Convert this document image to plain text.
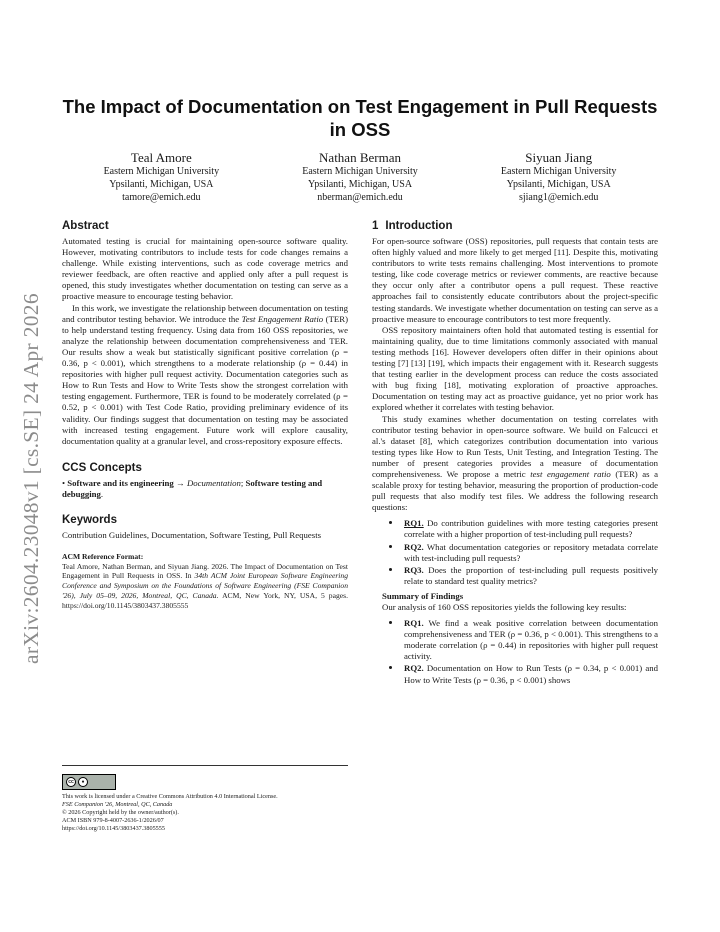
arXiv:2604.23048v1 [cs.SE] 24 Apr 2026
The Impact of Documentation on Test Engagement in Pull Requests in OSS
Teal Amore
Eastern Michigan University
Ypsilanti, Michigan, USA
tamore@emich.edu
Nathan Berman
Eastern Michigan University
Ypsilanti, Michigan, USA
nberman@emich.edu
Siyuan Jiang
Eastern Michigan University
Ypsilanti, Michigan, USA
sjiang1@emich.edu
Abstract

Automated testing is crucial for maintaining open-source software quality. However, motivating contributors to include tests for code changes remains a challenge. While existing interventions, such as code coverage metrics and reviewer feedback, are often reactive and applied only after a pull request is opened, this study investigates whether documentation on testing can serve as a proactive measure to encourage testing behavior.

In this work, we investigate the relationship between documentation on testing and contributor testing behavior. We introduce the Test Engagement Ratio (TER) to help understand testing frequency. Using data from 160 OSS repositories, we analyze the relationship between documentation comprehensiveness and TER. Our results show a weak but statistically significant positive correlation (ρ = 0.36, p < 0.001), which strengthens to a moderate relationship (ρ = 0.44) in repositories with higher pull request activity. Documentation categories such as How to Run Tests and How to Write Tests show the strongest correlation with testing engagement. Furthermore, TER is found to be moderately correlated (ρ = 0.52, p < 0.001) with Test Code Ratio, providing preliminary evidence of its validity. Our findings suggest that documentation on testing may be associated with increased testing engagement. Future work will explore causality, documentation quality at a granular level, and cross-repository exposure effects.

CCS Concepts

• Software and its engineering → Documentation; Software testing and debugging.

Keywords

Contribution Guidelines, Documentation, Software Testing, Pull Requests

ACM Reference Format:

Teal Amore, Nathan Berman, and Siyuan Jiang. 2026. The Impact of Documentation on Test Engagement in Pull Requests in OSS. In 34th ACM Joint European Software Engineering Conference and Symposium on the Foundations of Software Engineering (FSE Companion '26), July 05–09, 2026, Montreal, QC, Canada. ACM, New York, NY, USA, 5 pages. https://doi.org/10.1145/3803437.3805555

cc	●
This work is licensed under a Creative Commons Attribution 4.0 International License.
FSE Companion '26, Montreal, QC, Canada
© 2026 Copyright held by the owner/author(s).
ACM ISBN 979-8-4007-2636-1/2026/07
https://doi.org/10.1145/3803437.3805555
1 Introduction

For open-source software (OSS) repositories, pull requests that contain tests are often highly valued and more likely to get merged [11]. Despite this, motivating contributors to write tests remains challenging. Most interventions to promote testing, like code coverage metrics or reviewer comments, are reactive because they occur only after a contributor opens a pull request. These reactive approaches fail to consistently educate contributors about the project-specific testing standards. We investigate whether documentation on testing can serve as a proactive measure to encourage contributors to test more frequently.

OSS repository maintainers often hold that automated testing is essential for maintaining quality, due to time limitations commonly associated with manual testing methods [16]. However developers often differ in their opinions about testing [7] [13] [19], which impacts their engagement with it. Research suggests that testing earlier in the development process can reduce the costs associated with bug fixing [18], motivating exploration of proactive approaches. Documentation on testing may act as proactive guidance, yet no prior work has explored whether it correlates with testing behavior.

This study examines whether documentation on testing correlates with contributor testing behavior in open-source software. We build on Falcucci et al.'s dataset [8], which categorizes contribution documentation into various testing types like How to Run Tests, Unit Testing, and Integration Testing. The number of present categories provides a measure of documentation comprehensiveness. We propose a metric test engagement ratio (TER) as a scalable proxy for testing behavior, measuring the proportion of production-code pull requests that also modify test files. We address the following research questions:

• RQ1. Do contribution guidelines with more testing categories present correlate with a higher proportion of test-including pull requests?
• RQ2. What documentation categories or repository metadata correlate with test-including pull requests?
• RQ3. Does the proportion of test-including pull requests positively relate to standard test quality metrics?

Summary of Findings

Our analysis of 160 OSS repositories yields the following key results:

• RQ1. We find a weak positive correlation between documentation comprehensiveness and TER (ρ = 0.36, p < 0.001). This strengthens to a moderate correlation (ρ = 0.44) in repositories with higher pull request activity.
• RQ2. Documentation on How to Run Tests (ρ = 0.34, p < 0.001) and How to Write Tests (ρ = 0.36, p < 0.001) shows
